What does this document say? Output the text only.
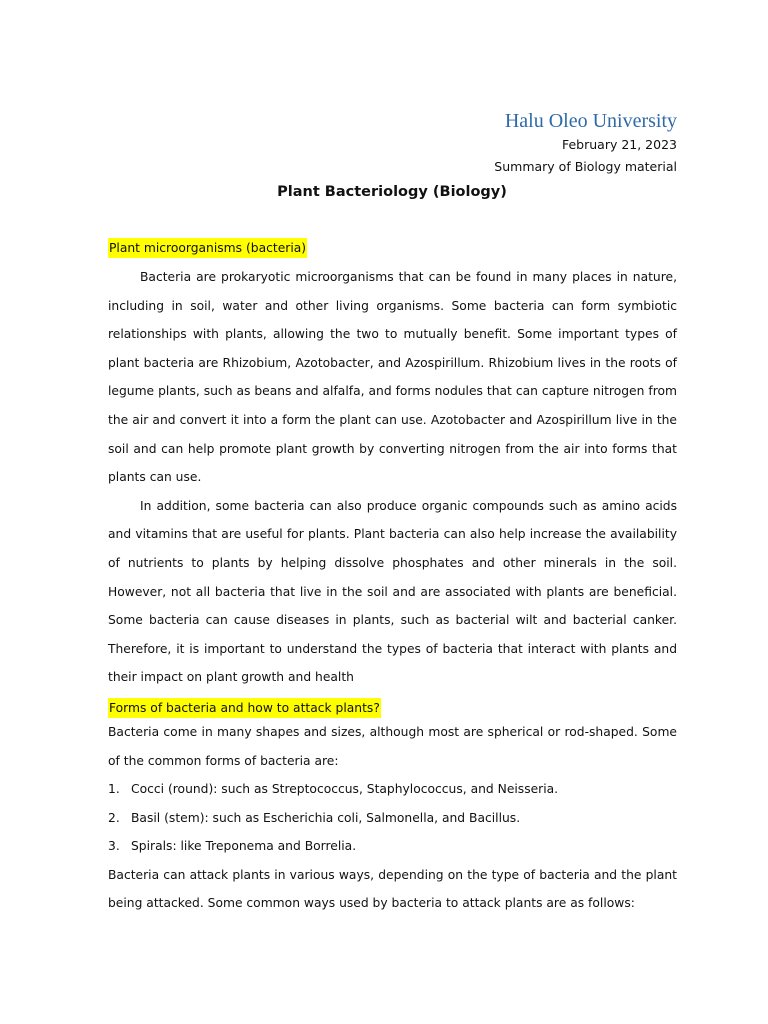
Halu Oleo University
February 21, 2023
Summary of Biology material
Plant Bacteriology (Biology)
Plant microorganisms (bacteria)

Bacteria are prokaryotic microorganisms that can be found in many places in nature, including in soil, water and other living organisms. Some bacteria can form symbiotic relationships with plants, allowing the two to mutually benefit. Some important types of plant bacteria are Rhizobium, Azotobacter, and Azospirillum. Rhizobium lives in the roots of legume plants, such as beans and alfalfa, and forms nodules that can capture nitrogen from the air and convert it into a form the plant can use. Azotobacter and Azospirillum live in the soil and can help promote plant growth by converting nitrogen from the air into forms that plants can use.

In addition, some bacteria can also produce organic compounds such as amino acids and vitamins that are useful for plants. Plant bacteria can also help increase the availability of nutrients to plants by helping dissolve phosphates and other minerals in the soil. However, not all bacteria that live in the soil and are associated with plants are beneficial. Some bacteria can cause diseases in plants, such as bacterial wilt and bacterial canker. Therefore, it is important to understand the types of bacteria that interact with plants and their impact on plant growth and health

Forms of bacteria and how to attack plants?

Bacteria come in many shapes and sizes, although most are spherical or rod-shaped. Some of the common forms of bacteria are:

1. Cocci (round): such as Streptococcus, Staphylococcus, and Neisseria.
2. Basil (stem): such as Escherichia coli, Salmonella, and Bacillus.
3. Spirals: like Treponema and Borrelia.

Bacteria can attack plants in various ways, depending on the type of bacteria and the plant being attacked. Some common ways used by bacteria to attack plants are as follows:
